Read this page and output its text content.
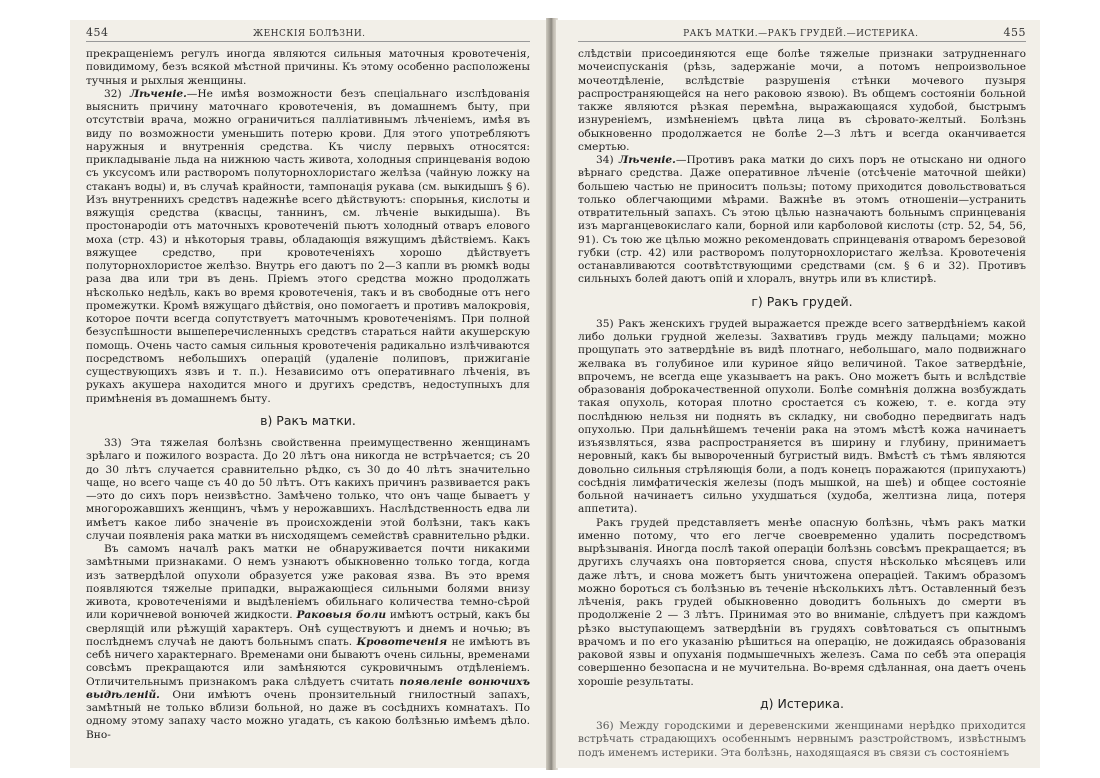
454	ЖЕНСКІЯ БОЛѢЗНИ.

прекращеніемъ регулъ иногда являются сильныя маточныя кровотеченія, повидимому, безъ всякой мѣстной причины. Къ этому особенно расположены тучныя и рыхлыя женщины.

32) Лѣченіе.—Не имѣя возможности безъ спеціальнаго изслѣдованія выяснить причину маточнаго кровотеченія, въ домашнемъ быту, при отсутствіи врача, можно ограничиться палліативнымъ лѣченіемъ, имѣя въ виду по возможности уменьшить потерю крови. Для этого употребляютъ наружныя и внутреннія средства. Къ числу первыхъ относятся: прикладываніе льда на нижнюю часть живота, холодныя спринцеванія водою съ уксусомъ или растворомъ полуторнохлористаго желѣза (чайную ложку на стаканъ воды) и, въ случаѣ крайности, тампонація рукава (см. выкидышъ § 6). Изъ внутреннихъ средствъ надежнѣе всего дѣйствуютъ: спорынья, кислоты и вяжущія средства (квасцы, таннинъ, см. лѣченіе выкидыша). Въ простонародіи отъ маточныхъ кровотеченій пьютъ холодный отваръ елового моха (стр. 43) и нѣкоторыя травы, обладающія вяжущимъ дѣйствіемъ. Какъ вяжущее средство, при кровотеченіяхъ хорошо дѣйствуетъ полуторнохлористое желѣзо. Внутрь его даютъ по 2—3 капли въ рюмкѣ воды раза два или три въ день. Пріемъ этого средства можно продолжать нѣсколько недѣль, какъ во время кровотеченія, такъ и въ свободные отъ него промежутки. Кромѣ вяжущаго дѣйствія, оно помогаетъ и противъ малокровія, которое почти всегда сопутствуетъ маточнымъ кровотеченіямъ. При полной безуспѣшности вышеперечисленныхъ средствъ стараться найти акушерскую помощь. Очень часто самыя сильныя кровотеченія радикально излѣчиваются посредствомъ небольшихъ операцій (удаленіе полиповъ, прижиганіе существующихъ язвъ и т. п.). Независимо отъ оперативнаго лѣченія, въ рукахъ акушера находится много и другихъ средствъ, недоступныхъ для примѣненія въ домашнемъ быту.

в) Ракъ матки.

33) Эта тяжелая болѣзнь свойственна преимущественно женщинамъ зрѣлаго и пожилого возраста. До 20 лѣтъ она никогда не встрѣчается; съ 20 до 30 лѣтъ случается сравнительно рѣдко, съ 30 до 40 лѣтъ значительно чаще, но всего чаще съ 40 до 50 лѣтъ. Отъ какихъ причинъ развивается ракъ—это до сихъ поръ неизвѣстно. Замѣчено только, что онъ чаще бываетъ у многорожавшихъ женщинъ, чѣмъ у нерожавшихъ. Наслѣдственность едва ли имѣетъ какое либо значеніе въ происхожденіи этой болѣзни, такъ какъ случаи появленія рака матки въ нисходящемъ семействѣ сравнительно рѣдки.

Въ самомъ началѣ ракъ матки не обнаруживается почти никакими замѣтными признаками. О немъ узнаютъ обыкновенно только тогда, когда изъ затвердѣлой опухоли образуется уже раковая язва. Въ это время появляются тяжелые припадки, выражающіеся сильными болями внизу живота, кровотеченіями и выдѣленіемъ обильнаго количества темно-сѣрой или коричневой вонючей жидкости. Раковыя боли имѣютъ острый, какъ бы сверлящій или рѣжущій характеръ. Онѣ существуютъ и днемъ и ночью; въ послѣднемъ случаѣ не даютъ больнымъ спать. Кровотеченія не имѣютъ въ себѣ ничего характернаго. Временами они бываютъ очень сильны, временами совсѣмъ прекращаются или замѣняются сукровичнымъ отдѣленіемъ. Отличительнымъ признакомъ рака слѣдуетъ считать появленіе вонючихъ выдѣленій. Они имѣютъ очень пронзительный гнилостный запахъ, замѣтный не только вблизи больной, но даже въ сосѣднихъ комнатахъ. По одному этому запаху часто можно угадать, съ какою болѣзнью имѣемъ дѣло. Вно-

РАКЪ МАТКИ.—РАКЪ ГРУДЕЙ.—ИСТЕРИКА.	455

слѣдствіи присоединяются еще болѣе тяжелые признаки затрудненнаго мочеиспусканія (рѣзь, задержаніе мочи, а потомъ непроизвольное мочеотдѣленіе, вслѣдствіе разрушенія стѣнки мочевого пузыря распространяющейся на него раковою язвою). Въ общемъ состояніи больной также являются рѣзкая перемѣна, выражающаяся худобой, быстрымъ изнуреніемъ, измѣненіемъ цвѣта лица въ сѣровато-желтый. Болѣзнь обыкновенно продолжается не болѣе 2—3 лѣтъ и всегда оканчивается смертью.

34) Лѣченіе.—Противъ рака матки до сихъ поръ не отыскано ни одного вѣрнаго средства. Даже оперативное лѣченіе (отсѣченіе маточной шейки) большею частью не приноситъ пользы; потому приходится довольствоваться только облегчающими мѣрами. Важнѣе въ этомъ отношеніи—устранить отвратительный запахъ. Съ этою цѣлью назначаютъ больнымъ спринцеванія изъ марганцевокислаго кали, борной или карболовой кислоты (стр. 52, 54, 56, 91). Съ тою же цѣлью можно рекомендовать спринцеванія отваромъ березовой губки (стр. 42) или растворомъ полуторнохлористаго желѣза. Кровотеченія останавливаются соотвѣтствующими средствами (см. § 6 и 32). Противъ сильныхъ болей даютъ опій и хлоралъ, внутрь или въ клистирѣ.

г) Ракъ грудей.

35) Ракъ женскихъ грудей выражается прежде всего затвердѣніемъ какой либо дольки грудной железы. Захвативъ грудь между пальцами; можно прощупать это затвердѣніе въ видѣ плотнаго, небольшаго, мало подвижнаго желвака въ голубиное или куриное яйцо величиной. Такое затвердѣніе, впрочемъ, не всегда еще указываетъ на ракъ. Оно можетъ быть и вслѣдствіе образованія доброкачественной опухоли. Болѣе сомнѣнія должна возбуждать такая опухоль, которая плотно сростается съ кожею, т. е. когда эту послѣднюю нельзя ни поднять въ складку, ни свободно передвигать надъ опухолью. При дальнѣйшемъ теченіи рака на этомъ мѣстѣ кожа начинаетъ изъязвляться, язва распространяется въ ширину и глубину, принимаетъ неровный, какъ бы вывороченный бугристый видъ. Вмѣстѣ съ тѣмъ являются довольно сильныя стрѣляющія боли, а подъ конецъ поражаются (припухаютъ) сосѣднія лимфатическія железы (подъ мышкой, на шеѣ) и общее состояніе больной начинаетъ сильно ухудшаться (худоба, желтизна лица, потеря аппетита).

Ракъ грудей представляетъ менѣе опасную болѣзнь, чѣмъ ракъ матки именно потому, что его легче своевременно удалить посредствомъ вырѣзыванія. Иногда послѣ такой операціи болѣзнь совсѣмъ прекращается; въ другихъ случаяхъ она повторяется снова, спустя нѣсколько мѣсяцевъ или даже лѣтъ, и снова можетъ быть уничтожена операціей. Такимъ образомъ можно бороться съ болѣзнью въ теченіе нѣсколькихъ лѣтъ. Оставленный безъ лѣченія, ракъ грудей обыкновенно доводитъ больныхъ до смерти въ продолженіе 2 — 3 лѣтъ. Принимая это во вниманіе, слѣдуетъ при каждомъ рѣзко выступающемъ затвердѣніи въ грудяхъ совѣтоваться съ опытнымъ врачомъ и по его указанію рѣшиться на операцію, не дожидаясь образованія раковой язвы и опуханія подмышечныхъ железъ. Сама по себѣ эта операція совершенно безопасна и не мучительна. Во-время сдѣланная, она даетъ очень хорошіе результаты.

д) Истерика.

36) Между городскими и деревенскими женщинами нерѣдко приходится встрѣчать страдающихъ особеннымъ нервнымъ разстройствомъ, извѣстнымъ подъ именемъ истерики. Эта болѣзнь, находящаяся въ связи съ состояніемъ
